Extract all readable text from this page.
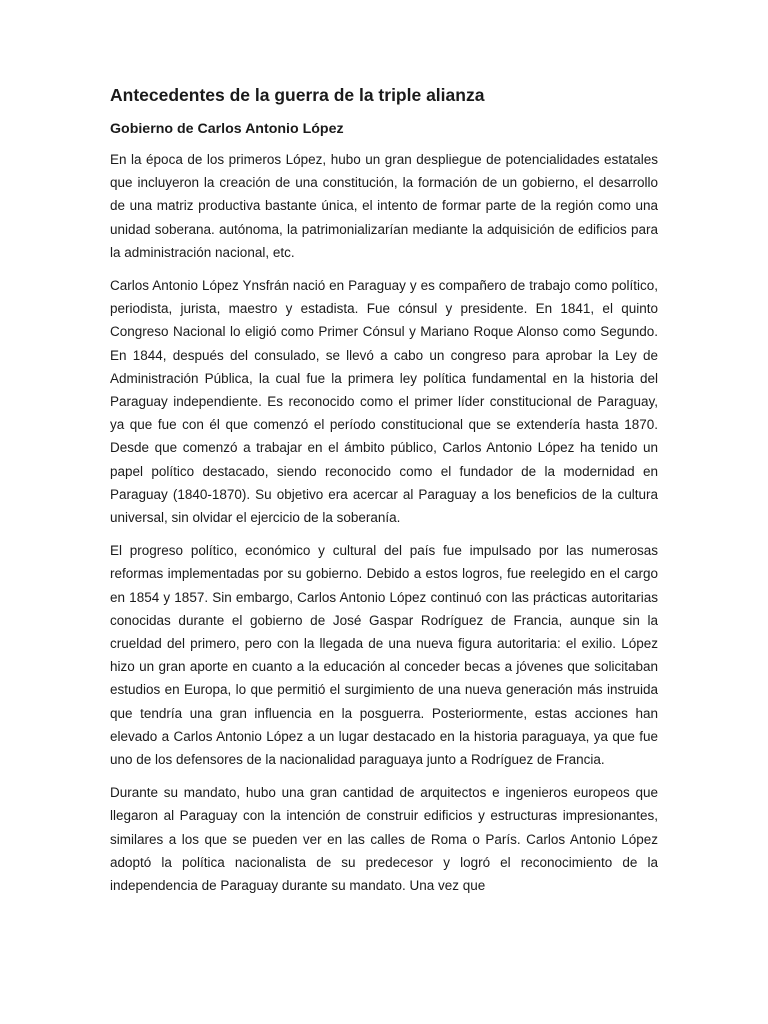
Antecedentes de la guerra de la triple alianza
Gobierno de Carlos Antonio López

En la época de los primeros López, hubo un gran despliegue de potencialidades estatales que incluyeron la creación de una constitución, la formación de un gobierno, el desarrollo de una matriz productiva bastante única, el intento de formar parte de la región como una unidad soberana. autónoma, la patrimonializarían mediante la adquisición de edificios para la administración nacional, etc.

Carlos Antonio López Ynsfrán nació en Paraguay y es compañero de trabajo como político, periodista, jurista, maestro y estadista. Fue cónsul y presidente. En 1841, el quinto Congreso Nacional lo eligió como Primer Cónsul y Mariano Roque Alonso como Segundo. En 1844, después del consulado, se llevó a cabo un congreso para aprobar la Ley de Administración Pública, la cual fue la primera ley política fundamental en la historia del Paraguay independiente. Es reconocido como el primer líder constitucional de Paraguay, ya que fue con él que comenzó el período constitucional que se extendería hasta 1870. Desde que comenzó a trabajar en el ámbito público, Carlos Antonio López ha tenido un papel político destacado, siendo reconocido como el fundador de la modernidad en Paraguay (1840-1870). Su objetivo era acercar al Paraguay a los beneficios de la cultura universal, sin olvidar el ejercicio de la soberanía.

El progreso político, económico y cultural del país fue impulsado por las numerosas reformas implementadas por su gobierno. Debido a estos logros, fue reelegido en el cargo en 1854 y 1857. Sin embargo, Carlos Antonio López continuó con las prácticas autoritarias conocidas durante el gobierno de José Gaspar Rodríguez de Francia, aunque sin la crueldad del primero, pero con la llegada de una nueva figura autoritaria: el exilio. López hizo un gran aporte en cuanto a la educación al conceder becas a jóvenes que solicitaban estudios en Europa, lo que permitió el surgimiento de una nueva generación más instruida que tendría una gran influencia en la posguerra. Posteriormente, estas acciones han elevado a Carlos Antonio López a un lugar destacado en la historia paraguaya, ya que fue uno de los defensores de la nacionalidad paraguaya junto a Rodríguez de Francia.

Durante su mandato, hubo una gran cantidad de arquitectos e ingenieros europeos que llegaron al Paraguay con la intención de construir edificios y estructuras impresionantes, similares a los que se pueden ver en las calles de Roma o París. Carlos Antonio López adoptó la política nacionalista de su predecesor y logró el reconocimiento de la independencia de Paraguay durante su mandato. Una vez que
